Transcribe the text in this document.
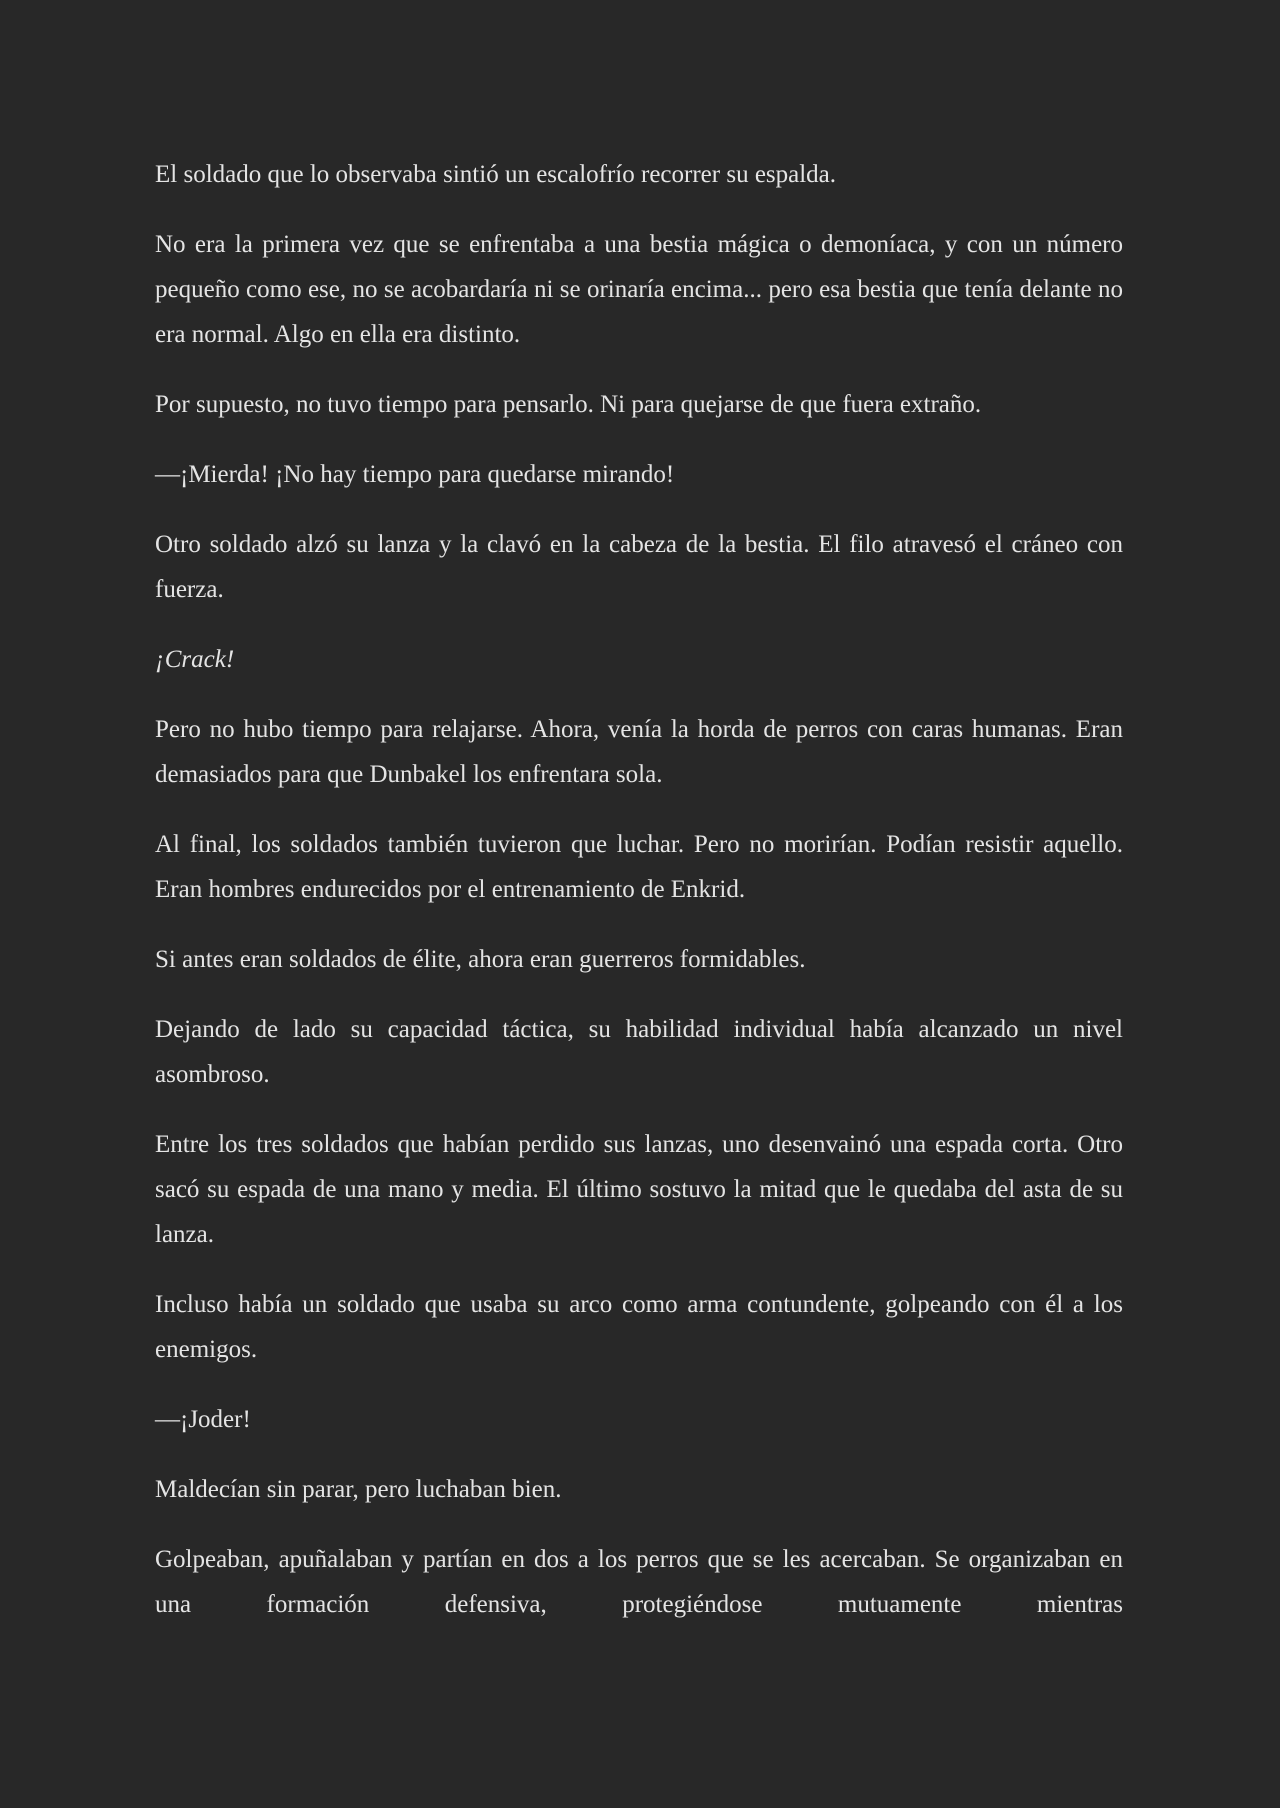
El soldado que lo observaba sintió un escalofrío recorrer su espalda.

No era la primera vez que se enfrentaba a una bestia mágica o demoníaca, y con un número pequeño como ese, no se acobardaría ni se orinaría encima... pero esa bestia que tenía delante no era normal. Algo en ella era distinto.

Por supuesto, no tuvo tiempo para pensarlo. Ni para quejarse de que fuera extraño.

—¡Mierda! ¡No hay tiempo para quedarse mirando!

Otro soldado alzó su lanza y la clavó en la cabeza de la bestia. El filo atravesó el cráneo con fuerza.

¡Crack!

Pero no hubo tiempo para relajarse. Ahora, venía la horda de perros con caras humanas. Eran demasiados para que Dunbakel los enfrentara sola.

Al final, los soldados también tuvieron que luchar. Pero no morirían. Podían resistir aquello. Eran hombres endurecidos por el entrenamiento de Enkrid.

Si antes eran soldados de élite, ahora eran guerreros formidables.

Dejando de lado su capacidad táctica, su habilidad individual había alcanzado un nivel asombroso.

Entre los tres soldados que habían perdido sus lanzas, uno desenvainó una espada corta. Otro sacó su espada de una mano y media. El último sostuvo la mitad que le quedaba del asta de su lanza.

Incluso había un soldado que usaba su arco como arma contundente, golpeando con él a los enemigos.

—¡Joder!

Maldecían sin parar, pero luchaban bien.

Golpeaban, apuñalaban y partían en dos a los perros que se les acercaban. Se organizaban en una formación defensiva, protegiéndose mutuamente mientras
